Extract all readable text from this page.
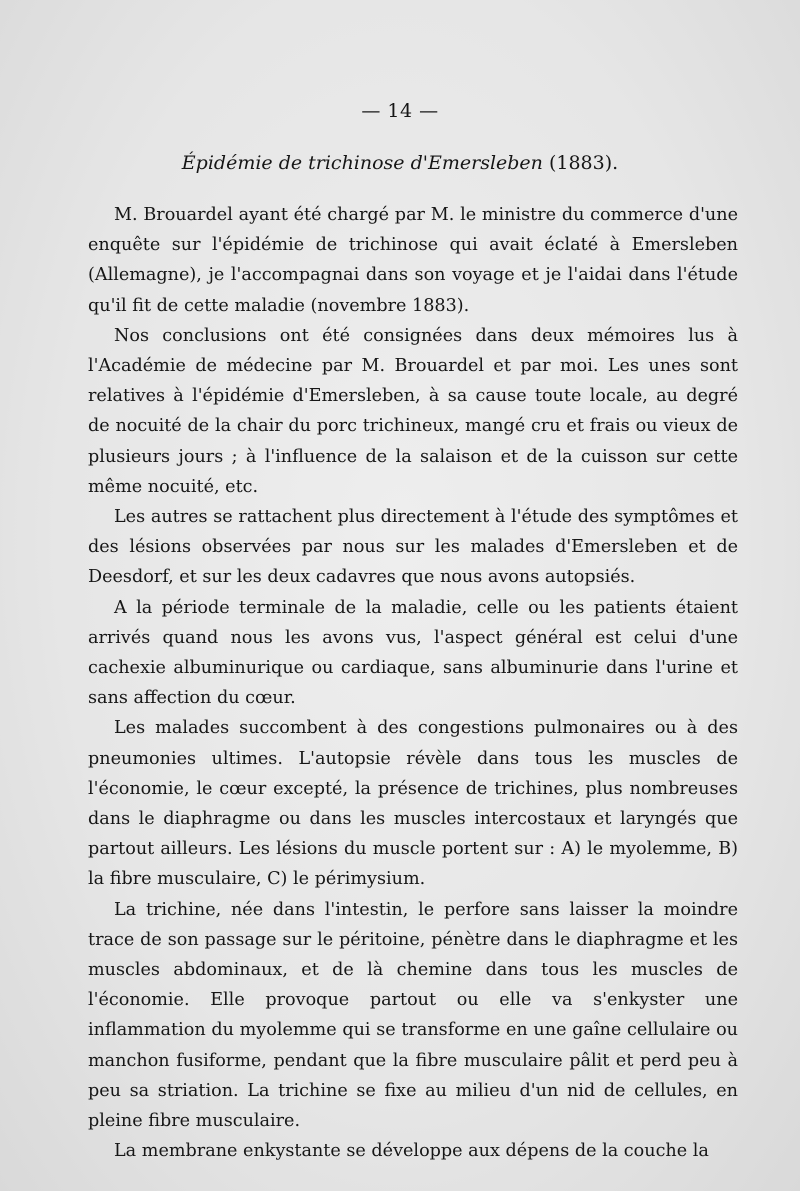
— 14 —
Épidémie de trichinose d'Emersleben (1883).

M. Brouardel ayant été chargé par M. le ministre du commerce d'une enquête sur l'épidémie de trichinose qui avait éclaté à Emersleben (Allemagne), je l'accompagnai dans son voyage et je l'aidai dans l'étude qu'il fit de cette maladie (novembre 1883).

Nos conclusions ont été consignées dans deux mémoires lus à l'Académie de médecine par M. Brouardel et par moi. Les unes sont relatives à l'épidémie d'Emersleben, à sa cause toute locale, au degré de nocuité de la chair du porc trichineux, mangé cru et frais ou vieux de plusieurs jours ; à l'influence de la salaison et de la cuisson sur cette même nocuité, etc.

Les autres se rattachent plus directement à l'étude des symptômes et des lésions observées par nous sur les malades d'Emersleben et de Deesdorf, et sur les deux cadavres que nous avons autopsiés.

A la période terminale de la maladie, celle ou les patients étaient arrivés quand nous les avons vus, l'aspect général est celui d'une cachexie albuminurique ou cardiaque, sans albuminurie dans l'urine et sans affection du cœur.

Les malades succombent à des congestions pulmonaires ou à des pneumonies ultimes. L'autopsie révèle dans tous les muscles de l'économie, le cœur excepté, la présence de trichines, plus nombreuses dans le diaphragme ou dans les muscles intercostaux et laryngés que partout ailleurs. Les lésions du muscle portent sur : A) le myolemme, B) la fibre musculaire, C) le périmysium.

La trichine, née dans l'intestin, le perfore sans laisser la moindre trace de son passage sur le péritoine, pénètre dans le diaphragme et les muscles abdominaux, et de là chemine dans tous les muscles de l'économie. Elle provoque partout ou elle va s'enkyster une inflammation du myolemme qui se transforme en une gaîne cellulaire ou manchon fusiforme, pendant que la fibre musculaire pâlit et perd peu à peu sa striation. La trichine se fixe au milieu d'un nid de cellules, en pleine fibre musculaire.

La membrane enkystante se développe aux dépens de la couche la
